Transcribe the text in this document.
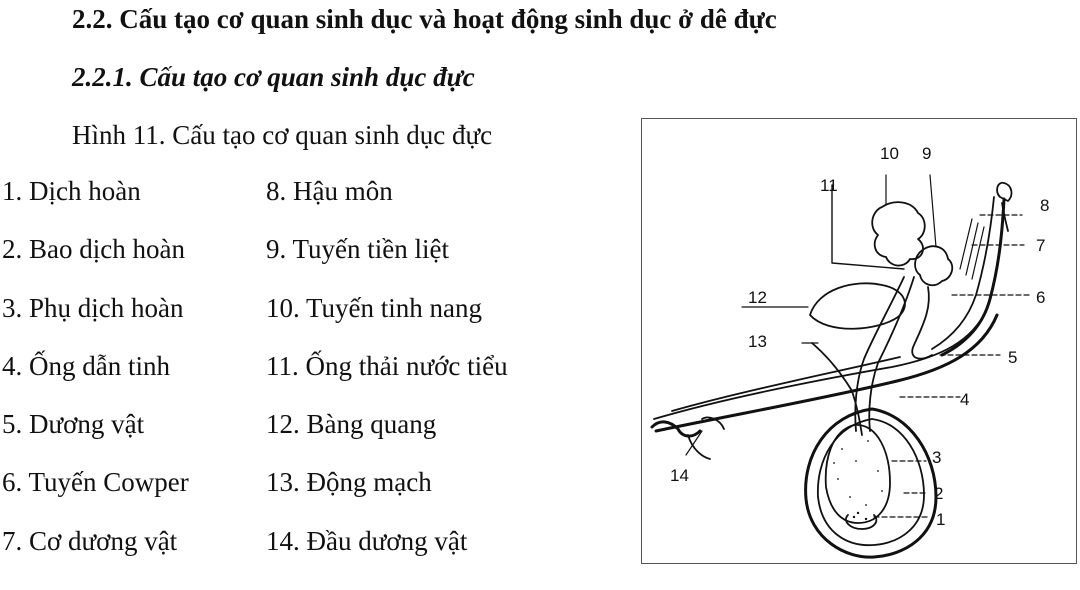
2.2. Cấu tạo cơ quan sinh dục và hoạt động sinh dục ở dê đực
2.2.1. Cấu tạo cơ quan sinh dục đực
Hình 11. Cấu tạo cơ quan sinh dục đực
1. Dịch hoàn	8. Hậu môn
2. Bao dịch hoàn	9. Tuyến tiền liệt
3. Phụ dịch hoàn	10. Tuyến tinh nang
4. Ống dẫn tinh	11. Ống thải nước tiểu
5. Dương vật	12. Bàng quang
6. Tuyến Cowper	13. Động mạch
7. Cơ dương vật	14. Đầu dương vật
10 9
11
8
7
6
5
4
12
13
3
2
1
14
